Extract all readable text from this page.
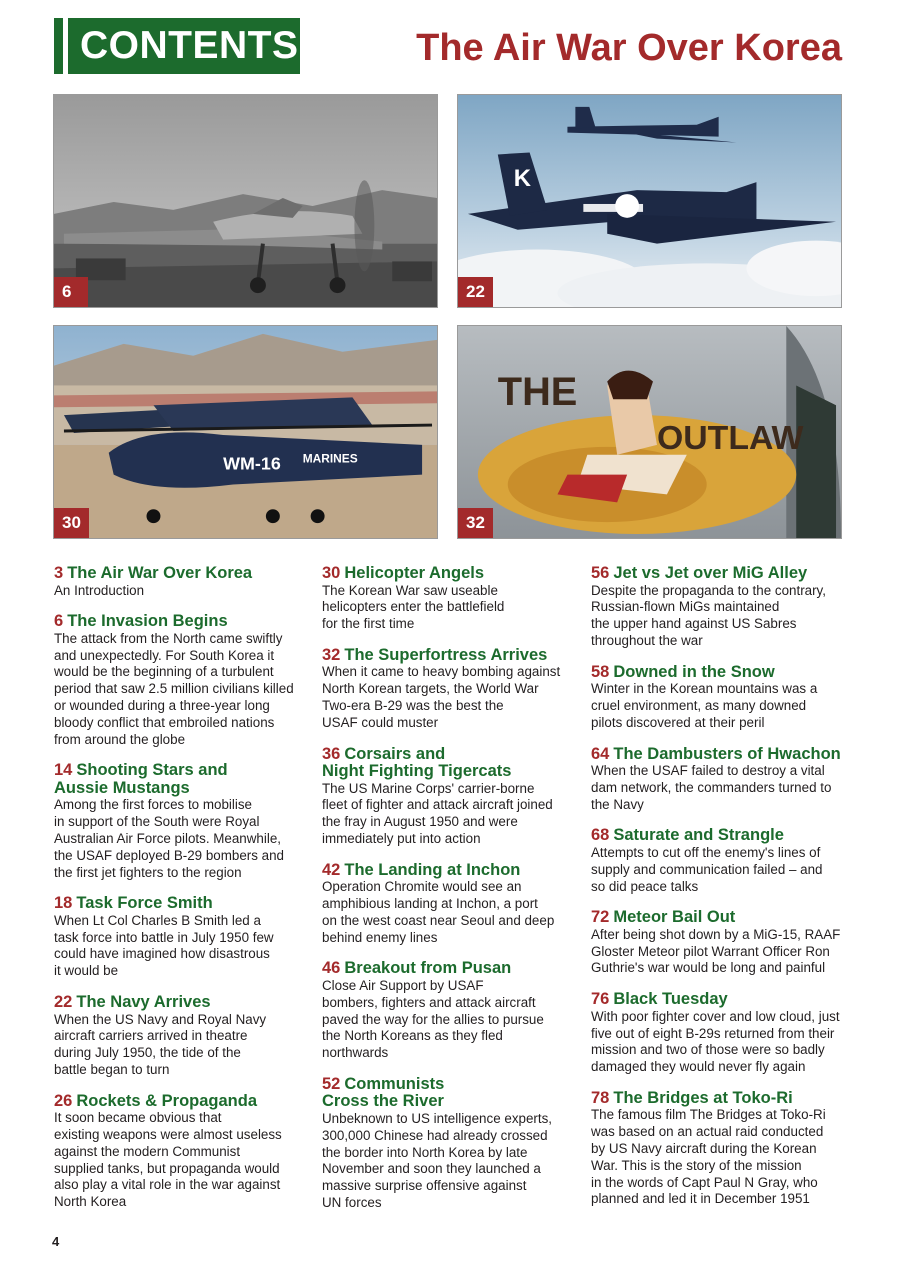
CONTENTS	The Air War Over Korea
6
K
22
WM-16 MARINES
30
THE
OUTLAW
32
3 The Air War Over Korea
An Introduction
6 The Invasion Begins
The attack from the North came swiftly
and unexpectedly. For South Korea it
would be the beginning of a turbulent
period that saw 2.5 million civilians killed
or wounded during a three-year long
bloody conflict that embroiled nations
from around the globe
14 Shooting Stars and
Aussie Mustangs
Among the first forces to mobilise
in support of the South were Royal
Australian Air Force pilots. Meanwhile,
the USAF deployed B-29 bombers and
the first jet fighters to the region
18 Task Force Smith
When Lt Col Charles B Smith led a
task force into battle in July 1950 few
could have imagined how disastrous
it would be
22 The Navy Arrives
When the US Navy and Royal Navy
aircraft carriers arrived in theatre
during July 1950, the tide of the
battle began to turn
26 Rockets & Propaganda
It soon became obvious that
existing weapons were almost useless
against the modern Communist
supplied tanks, but propaganda would
also play a vital role in the war against
North Korea
30 Helicopter Angels
The Korean War saw useable
helicopters enter the battlefield
for the first time
32 The Superfortress Arrives
When it came to heavy bombing against
North Korean targets, the World War
Two-era B-29 was the best the
USAF could muster
36 Corsairs and
Night Fighting Tigercats
The US Marine Corps' carrier-borne
fleet of fighter and attack aircraft joined
the fray in August 1950 and were
immediately put into action
42 The Landing at Inchon
Operation Chromite would see an
amphibious landing at Inchon, a port
on the west coast near Seoul and deep
behind enemy lines
46 Breakout from Pusan
Close Air Support by USAF
bombers, fighters and attack aircraft
paved the way for the allies to pursue
the North Koreans as they fled
northwards
52 Communists
Cross the River
Unbeknown to US intelligence experts,
300,000 Chinese had already crossed
the border into North Korea by late
November and soon they launched a
massive surprise offensive against
UN forces
56 Jet vs Jet over MiG Alley
Despite the propaganda to the contrary,
Russian-flown MiGs maintained
the upper hand against US Sabres
throughout the war
58 Downed in the Snow
Winter in the Korean mountains was a
cruel environment, as many downed
pilots discovered at their peril
64 The Dambusters of Hwachon
When the USAF failed to destroy a vital
dam network, the commanders turned to
the Navy
68 Saturate and Strangle
Attempts to cut off the enemy's lines of
supply and communication failed – and
so did peace talks
72 Meteor Bail Out
After being shot down by a MiG-15, RAAF
Gloster Meteor pilot Warrant Officer Ron
Guthrie's war would be long and painful
76 Black Tuesday
With poor fighter cover and low cloud, just
five out of eight B-29s returned from their
mission and two of those were so badly
damaged they would never fly again
78 The Bridges at Toko-Ri
The famous film The Bridges at Toko-Ri
was based on an actual raid conducted
by US Navy aircraft during the Korean
War. This is the story of the mission
in the words of Capt Paul N Gray, who
planned and led it in December 1951
4
